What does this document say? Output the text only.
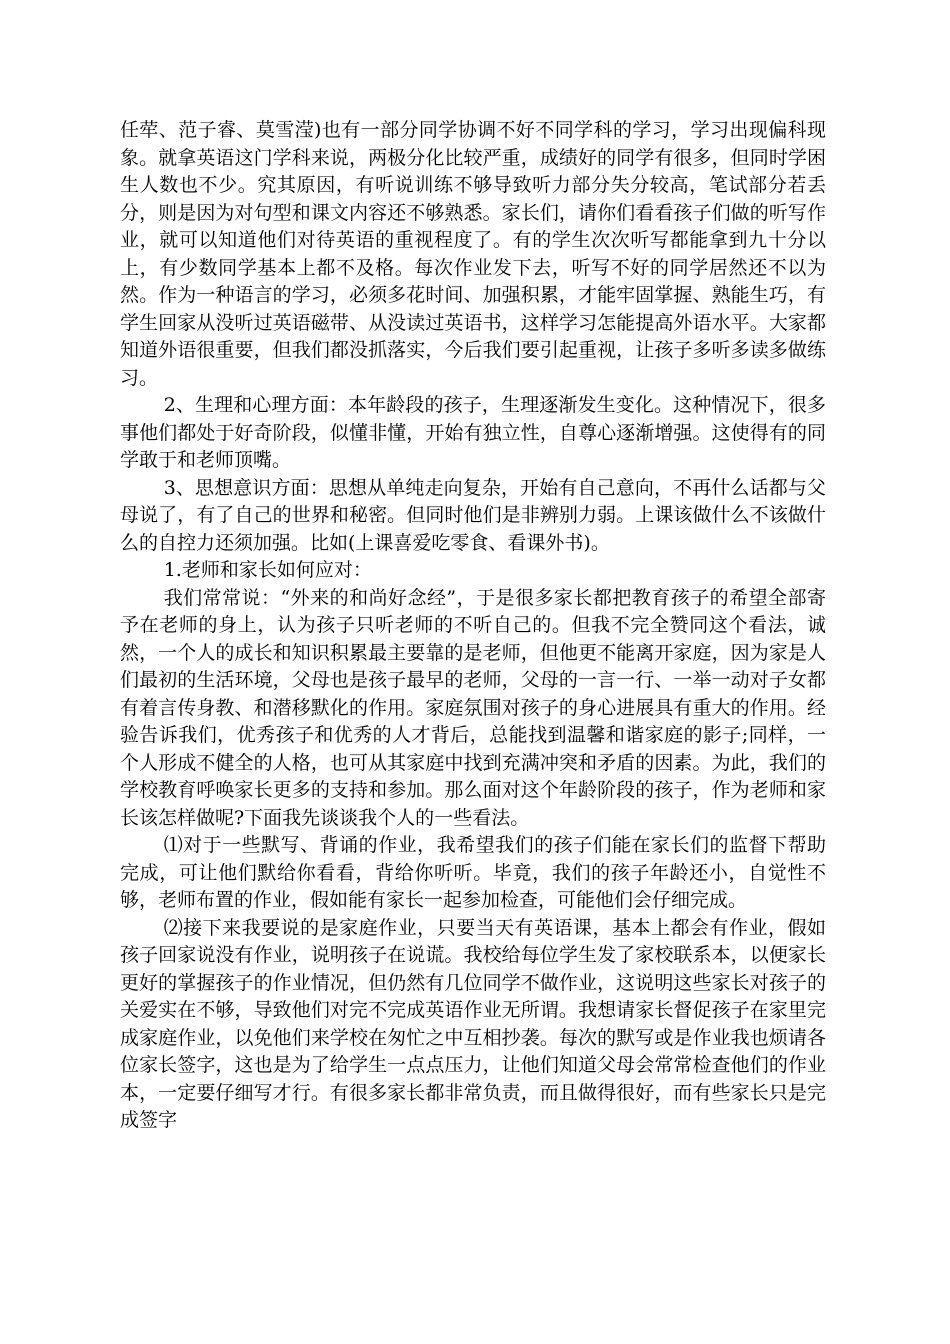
任荦、范子睿、莫雪滢)也有一部分同学协调不好不同学科的学习，学习出现偏科现象。就拿英语这门学科来说，两极分化比较严重，成绩好的同学有很多，但同时学困生人数也不少。究其原因，有听说训练不够导致听力部分失分较高，笔试部分若丢分，则是因为对句型和课文内容还不够熟悉。家长们，请你们看看孩子们做的听写作业，就可以知道他们对待英语的重视程度了。有的学生次次听写都能拿到九十分以上，有少数同学基本上都不及格。每次作业发下去，听写不好的同学居然还不以为然。作为一种语言的学习，必须多花时间、加强积累，才能牢固掌握、熟能生巧，有学生回家从没听过英语磁带、从没读过英语书，这样学习怎能提高外语水平。大家都知道外语很重要，但我们都没抓落实，今后我们要引起重视，让孩子多听多读多做练习。

2、生理和心理方面：本年龄段的孩子，生理逐渐发生变化。这种情况下，很多事他们都处于好奇阶段，似懂非懂，开始有独立性，自尊心逐渐增强。这使得有的同学敢于和老师顶嘴。

3、思想意识方面：思想从单纯走向复杂，开始有自己意向，不再什么话都与父母说了，有了自己的世界和秘密。但同时他们是非辨别力弱。上课该做什么不该做什么的自控力还须加强。比如(上课喜爱吃零食、看课外书)。

1.老师和家长如何应对：

我们常常说：“外来的和尚好念经”，于是很多家长都把教育孩子的希望全部寄予在老师的身上，认为孩子只听老师的不听自己的。但我不完全赞同这个看法，诚然，一个人的成长和知识积累最主要靠的是老师，但他更不能离开家庭，因为家是人们最初的生活环境，父母也是孩子最早的老师，父母的一言一行、一举一动对子女都有着言传身教、和潜移默化的作用。家庭氛围对孩子的身心进展具有重大的作用。经验告诉我们，优秀孩子和优秀的人才背后，总能找到温馨和谐家庭的影子;同样，一个人形成不健全的人格，也可从其家庭中找到充满冲突和矛盾的因素。为此，我们的学校教育呼唤家长更多的支持和参加。那么面对这个年龄阶段的孩子，作为老师和家长该怎样做呢?下面我先谈谈我个人的一些看法。

⑴对于一些默写、背诵的作业，我希望我们的孩子们能在家长们的监督下帮助完成，可让他们默给你看看，背给你听听。毕竟，我们的孩子年龄还小，自觉性不够，老师布置的作业，假如能有家长一起参加检查，可能他们会仔细完成。

⑵接下来我要说的是家庭作业，只要当天有英语课，基本上都会有作业，假如孩子回家说没有作业，说明孩子在说谎。我校给每位学生发了家校联系本，以便家长更好的掌握孩子的作业情况，但仍然有几位同学不做作业，这说明这些家长对孩子的关爱实在不够，导致他们对完不完成英语作业无所谓。我想请家长督促孩子在家里完成家庭作业，以免他们来学校在匆忙之中互相抄袭。每次的默写或是作业我也烦请各位家长签字，这也是为了给学生一点点压力，让他们知道父母会常常检查他们的作业本，一定要仔细写才行。有很多家长都非常负责，而且做得很好，而有些家长只是完成签字
